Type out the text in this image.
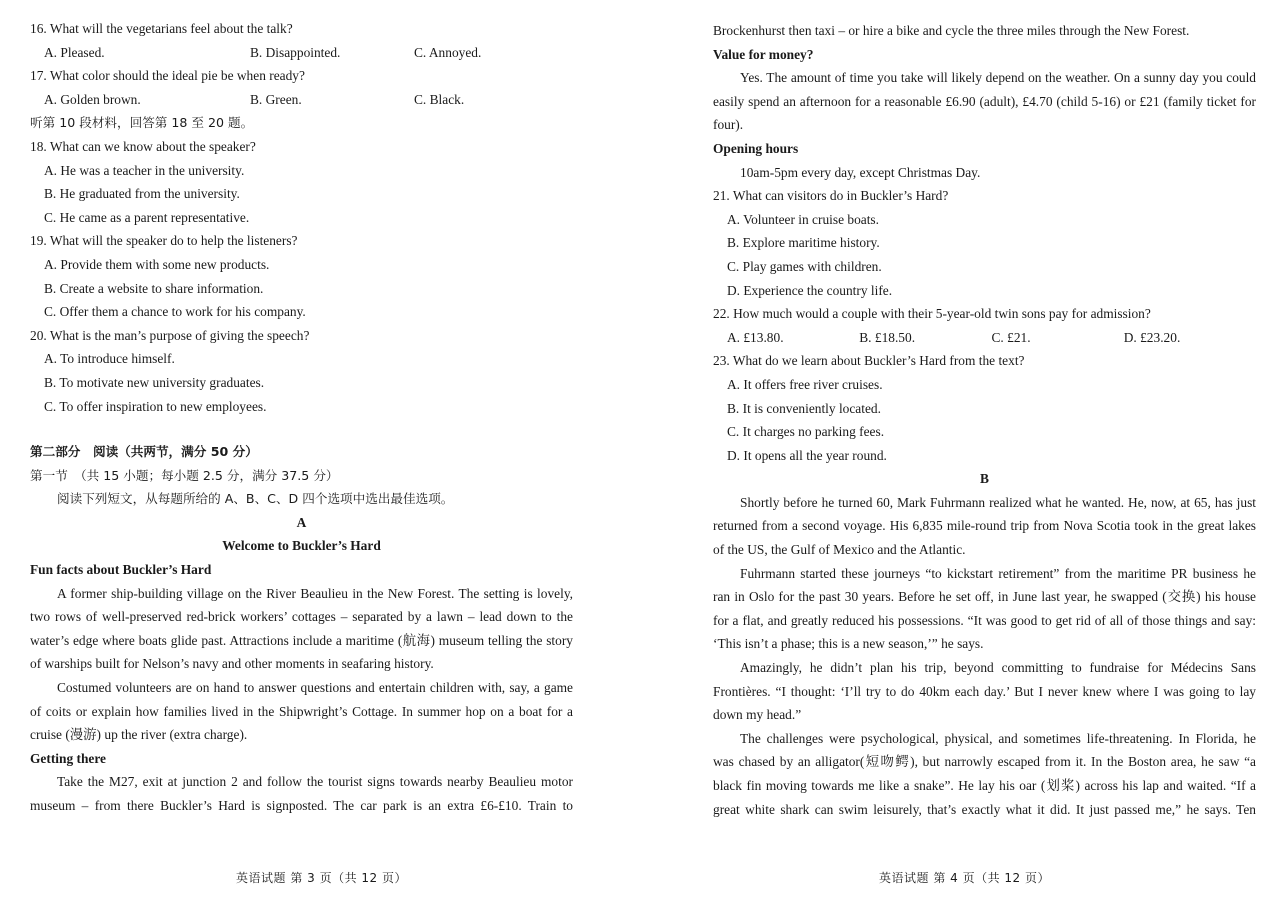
16. What will the vegetarians feel about the talk?
A. Pleased.	B. Disappointed.	C. Annoyed.
17. What color should the ideal pie be when ready?
A. Golden brown.	B. Green.	C. Black.
听第 10 段材料，回答第 18 至 20 题。
18. What can we know about the speaker?
A. He was a teacher in the university.
B. He graduated from the university.
C. He came as a parent representative.
19. What will the speaker do to help the listeners?
A. Provide them with some new products.
B. Create a website to share information.
C. Offer them a chance to work for his company.
20. What is the man’s purpose of giving the speech?
A. To introduce himself.
B. To motivate new university graduates.
C. To offer inspiration to new employees.
第二部分　阅读（共两节，满分 50 分）
第一节　（共 15 小题；每小题 2.5 分，满分 37.5 分）
阅读下列短文，从每题所给的 A、B、C、D 四个选项中选出最佳选项。
A
Welcome to Buckler’s Hard
Fun facts about Buckler’s Hard
A former ship-building village on the River Beaulieu in the New Forest. The setting is lovely,
two rows of well-preserved red-brick workers’ cottages – separated by a lawn – lead down to the
water’s edge where boats glide past. Attractions include a maritime (航海) museum telling the story
of warships built for Nelson’s navy and other moments in seafaring history.
Costumed volunteers are on hand to answer questions and entertain children with, say, a game
of coits or explain how families lived in the Shipwright’s Cottage. In summer hop on a boat for a
cruise (漫游) up the river (extra charge).
Getting there
Take the M27, exit at junction 2 and follow the tourist signs towards nearby Beaulieu motor
museum – from there Buckler’s Hard is signposted. The car park is an extra £6-£10. Train to
Brockenhurst then taxi – or hire a bike and cycle the three miles through the New Forest.
Value for money?
Yes. The amount of time you take will likely depend on the weather. On a sunny day you could
easily spend an afternoon for a reasonable £6.90 (adult), £4.70 (child 5-16) or £21 (family ticket for
four).
Opening hours
10am-5pm every day, except Christmas Day.
21. What can visitors do in Buckler’s Hard?
A. Volunteer in cruise boats.
B. Explore maritime history.
C. Play games with children.
D. Experience the country life.
22. How much would a couple with their 5-year-old twin sons pay for admission?
A. £13.80.	B. £18.50.	C. £21.	D. £23.20.
23. What do we learn about Buckler’s Hard from the text?
A. It offers free river cruises.
B. It is conveniently located.
C. It charges no parking fees.
D. It opens all the year round.
B
Shortly before he turned 60, Mark Fuhrmann realized what he wanted. He, now, at 65, has just
returned from a second voyage. His 6,835 mile-round trip from Nova Scotia took in the great lakes
of the US, the Gulf of Mexico and the Atlantic.
Fuhrmann started these journeys “to kickstart retirement” from the maritime PR business he
ran in Oslo for the past 30 years. Before he set off, in June last year, he swapped (交换) his house
for a flat, and greatly reduced his possessions. “It was good to get rid of all of those things and say:
‘This isn’t a phase; this is a new season,’” he says.
Amazingly, he didn’t plan his trip, beyond committing to fundraise for Médecins Sans
Frontières. “I thought: ‘I’ll try to do 40km each day.’ But I never knew where I was going to lay
down my head.”
The challenges were psychological, physical, and sometimes life-threatening. In Florida, he
was chased by an alligator(短吻鳄), but narrowly escaped from it. In the Boston area, he saw “a
black fin moving towards me like a snake”. He lay his oar (划桨) across his lap and waited. “If a
great white shark can swim leisurely, that’s exactly what it did. It just passed me,” he says. Ten
英语试题 第 3 页（共 12 页）	英语试题 第 4 页（共 12 页）
